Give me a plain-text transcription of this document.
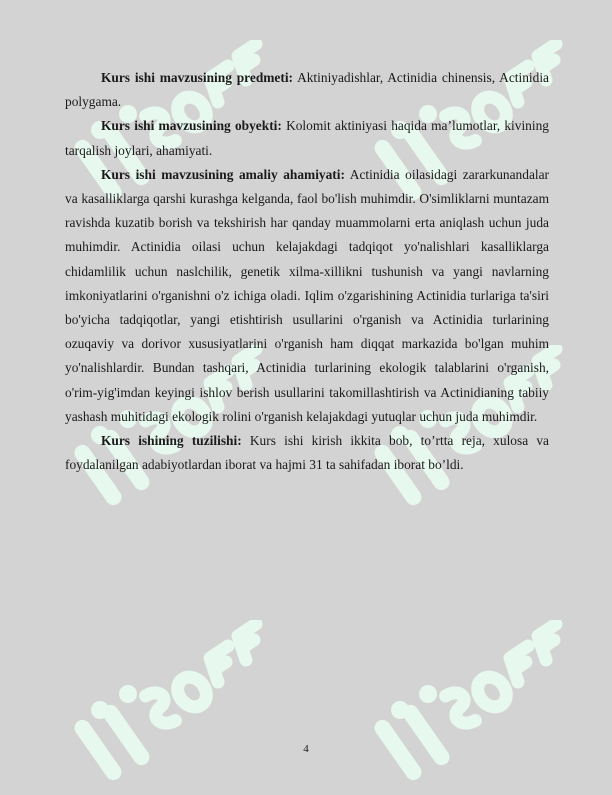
Kurs ishi mavzusining predmeti: Aktiniyadishlar, Actinidia chinensis, Actinidia polygama.

Kurs ishi mavzusining obyekti: Kolomit aktiniyasi haqida ma’lumotlar, kivining tarqalish joylari, ahamiyati.

Kurs ishi mavzusining amaliy ahamiyati: Actinidia oilasidagi zararkunandalar va kasalliklarga qarshi kurashga kelganda, faol bo'lish muhimdir. O'simliklarni muntazam ravishda kuzatib borish va tekshirish har qanday muammolarni erta aniqlash uchun juda muhimdir. Actinidia oilasi uchun kelajakdagi tadqiqot yo'nalishlari kasalliklarga chidamlilik uchun naslchilik, genetik xilma-xillikni tushunish va yangi navlarning imkoniyatlarini o'rganishni o'z ichiga oladi. Iqlim o'zgarishining Actinidia turlariga ta'siri bo'yicha tadqiqotlar, yangi etishtirish usullarini o'rganish va Actinidia turlarining ozuqaviy va dorivor xususiyatlarini o'rganish ham diqqat markazida bo'lgan muhim yo'nalishlardir. Bundan tashqari, Actinidia turlarining ekologik talablarini o'rganish, o'rim-yig'imdan keyingi ishlov berish usullarini takomillashtirish va Actinidianing tabiiy yashash muhitidagi ekologik rolini o'rganish kelajakdagi yutuqlar uchun juda muhimdir.

Kurs ishining tuzilishi: Kurs ishi kirish ikkita bob, to’rtta reja, xulosa va foydalanilgan adabiyotlardan iborat va hajmi 31 ta sahifadan iborat bo’ldi.

4
